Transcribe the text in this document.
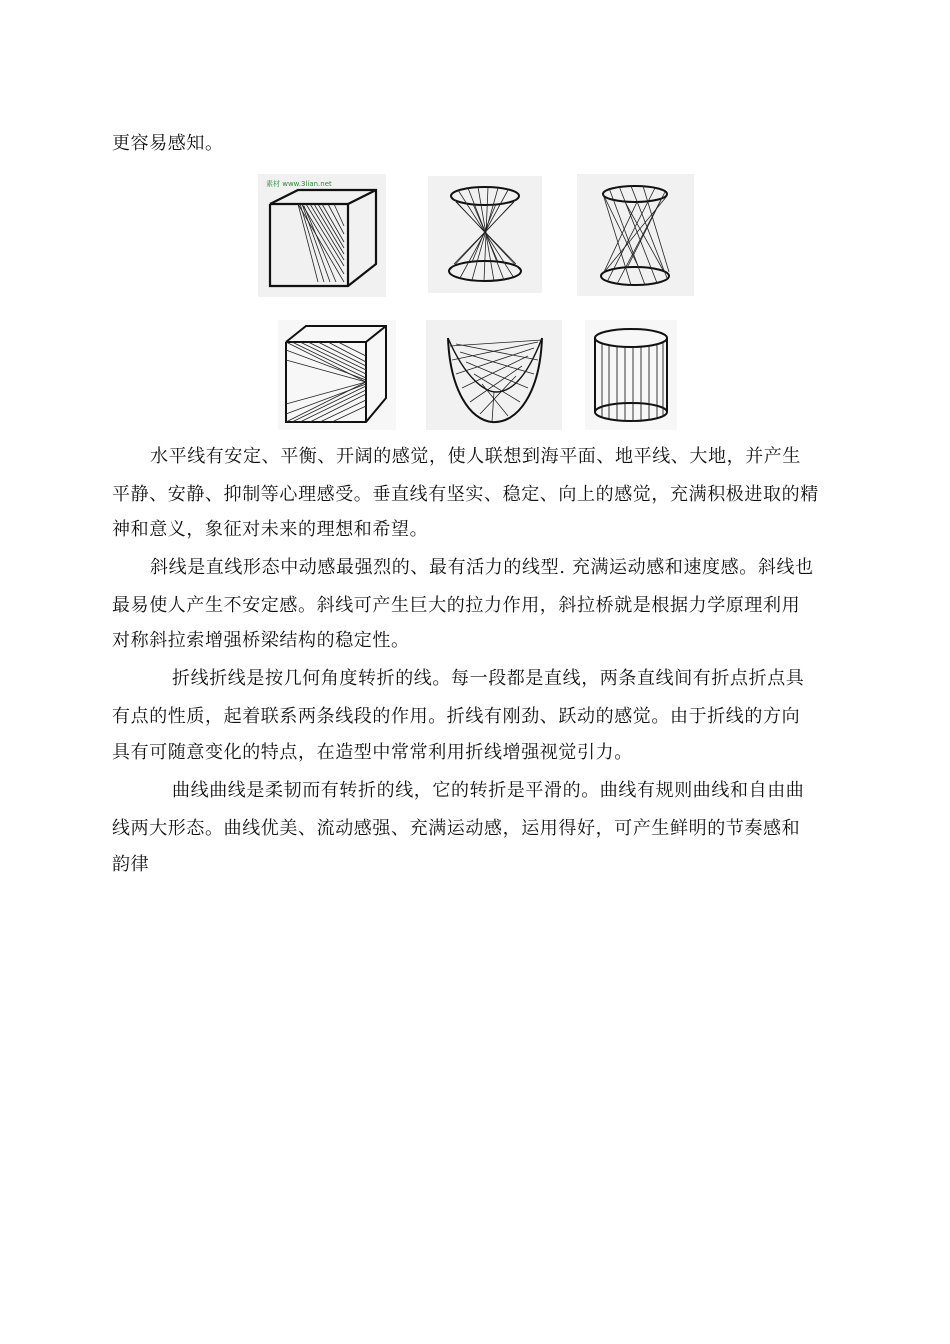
更容易感知。
素材 www.3lian.net
水平线有安定、平衡、开阔的感觉，使人联想到海平面、地平线、大地，并产生
平静、安静、抑制等心理感受。垂直线有坚实、稳定、向上的感觉，充满积极进取的精
神和意义，象征对未来的理想和希望。
斜线是直线形态中动感最强烈的、最有活力的线型. 充满运动感和速度感。斜线也
最易使人产生不安定感。斜线可产生巨大的拉力作用，斜拉桥就是根据力学原理利用
对称斜拉索增强桥梁结构的稳定性。
折线折线是按几何角度转折的线。每一段都是直线，两条直线间有折点折点具
有点的性质，起着联系两条线段的作用。折线有刚劲、跃动的感觉。由于折线的方向
具有可随意变化的特点，在造型中常常利用折线增强视觉引力。
曲线曲线是柔韧而有转折的线，它的转折是平滑的。曲线有规则曲线和自由曲
线两大形态。曲线优美、流动感强、充满运动感，运用得好，可产生鲜明的节奏感和
韵律
